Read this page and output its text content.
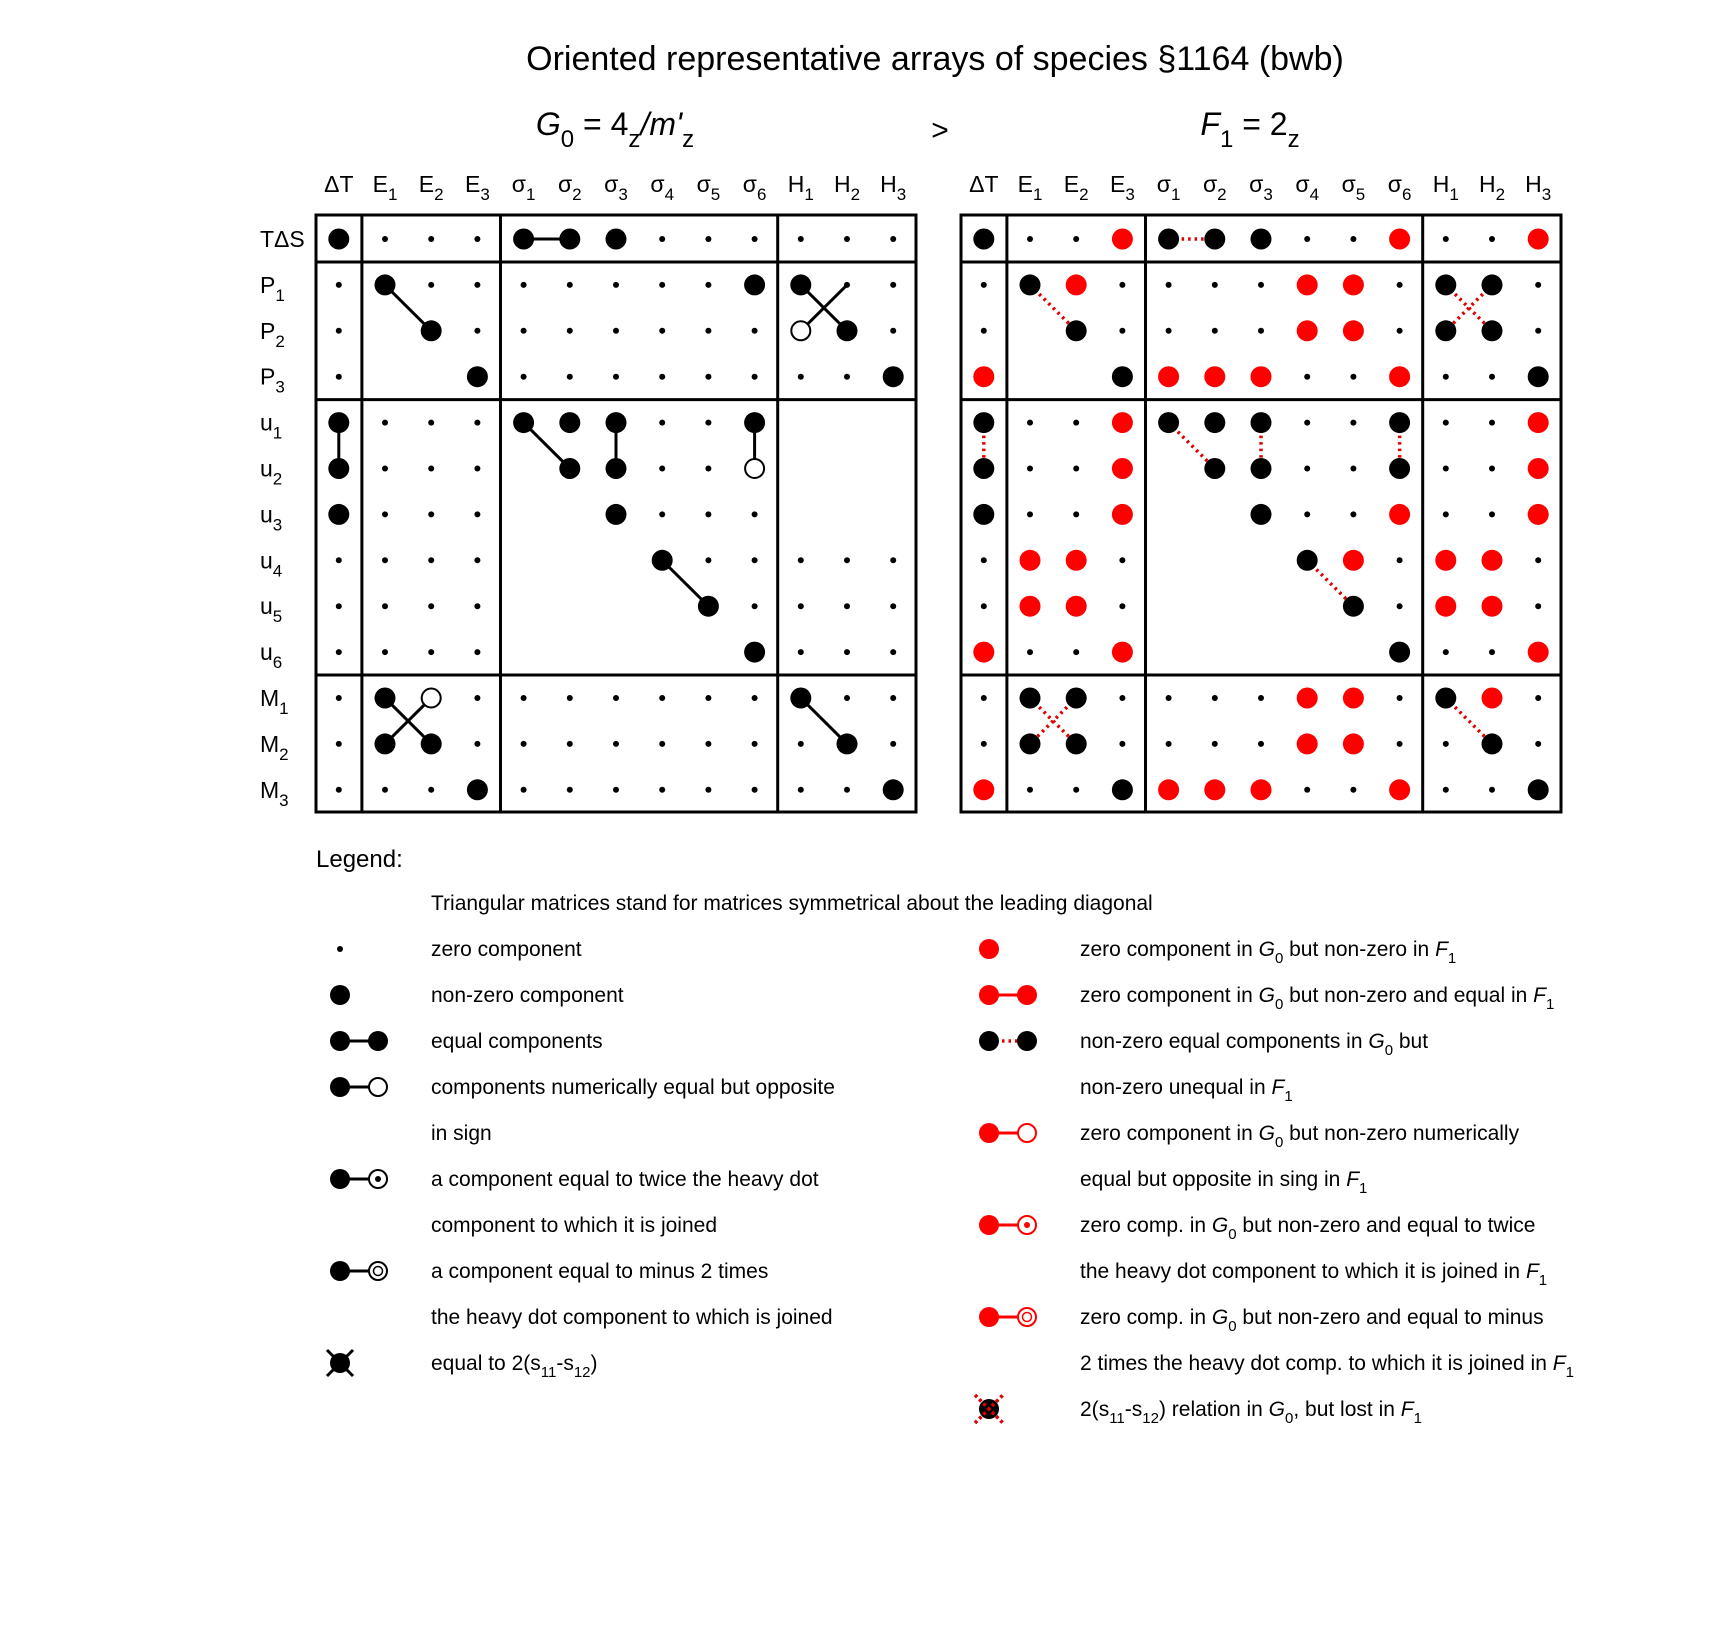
Oriented representative arrays of species §1164 (bwb)
$G_0 = 4_z/m'_z$	$F_1 = 2_z$
>
ΔT $E_1$ $E_2$ $E_3$ $\sigma_1$ $\sigma_2$ $\sigma_3$ $\sigma_4$ $\sigma_5$ $\sigma_6$ $H_1$ $H_2$ $H_3$
TΔS
$P_1$
$P_2$
$P_3$
$u_1$
$u_2$
$u_3$
$u_4$
$u_5$
$u_6$
$M_1$
$M_2$
$M_3$
ΔT $E_1$ $E_2$ $E_3$ $\sigma_1$ $\sigma_2$ $\sigma_3$ $\sigma_4$ $\sigma_5$ $\sigma_6$ $H_1$ $H_2$ $H_3$
Legend:
Triangular matrices stand for matrices symmetrical about the leading diagonal
zero component
non-zero component
equal components
components numerically equal but opposite
in sign
a component equal to twice the heavy dot
component to which it is joined
a component equal to minus 2 times
the heavy dot component to which is joined
equal to $2(s_{11}-s_{12})$
zero component in $G_0$ but non-zero in $F_1$
zero component in $G_0$ but non-zero and equal in $F_1$
non-zero equal components in $G_0$ but
non-zero unequal in $F_1$
zero component in $G_0$ but non-zero numerically
equal but opposite in sing in $F_1$
zero comp. in $G_0$ but non-zero and equal to twice
the heavy dot component to which it is joined in $F_1$
zero comp. in $G_0$ but non-zero and equal to minus
2 times the heavy dot comp. to which it is joined in $F_1$
$2(s_{11}-s_{12})$ relation in $G_0$, but lost in $F_1$
